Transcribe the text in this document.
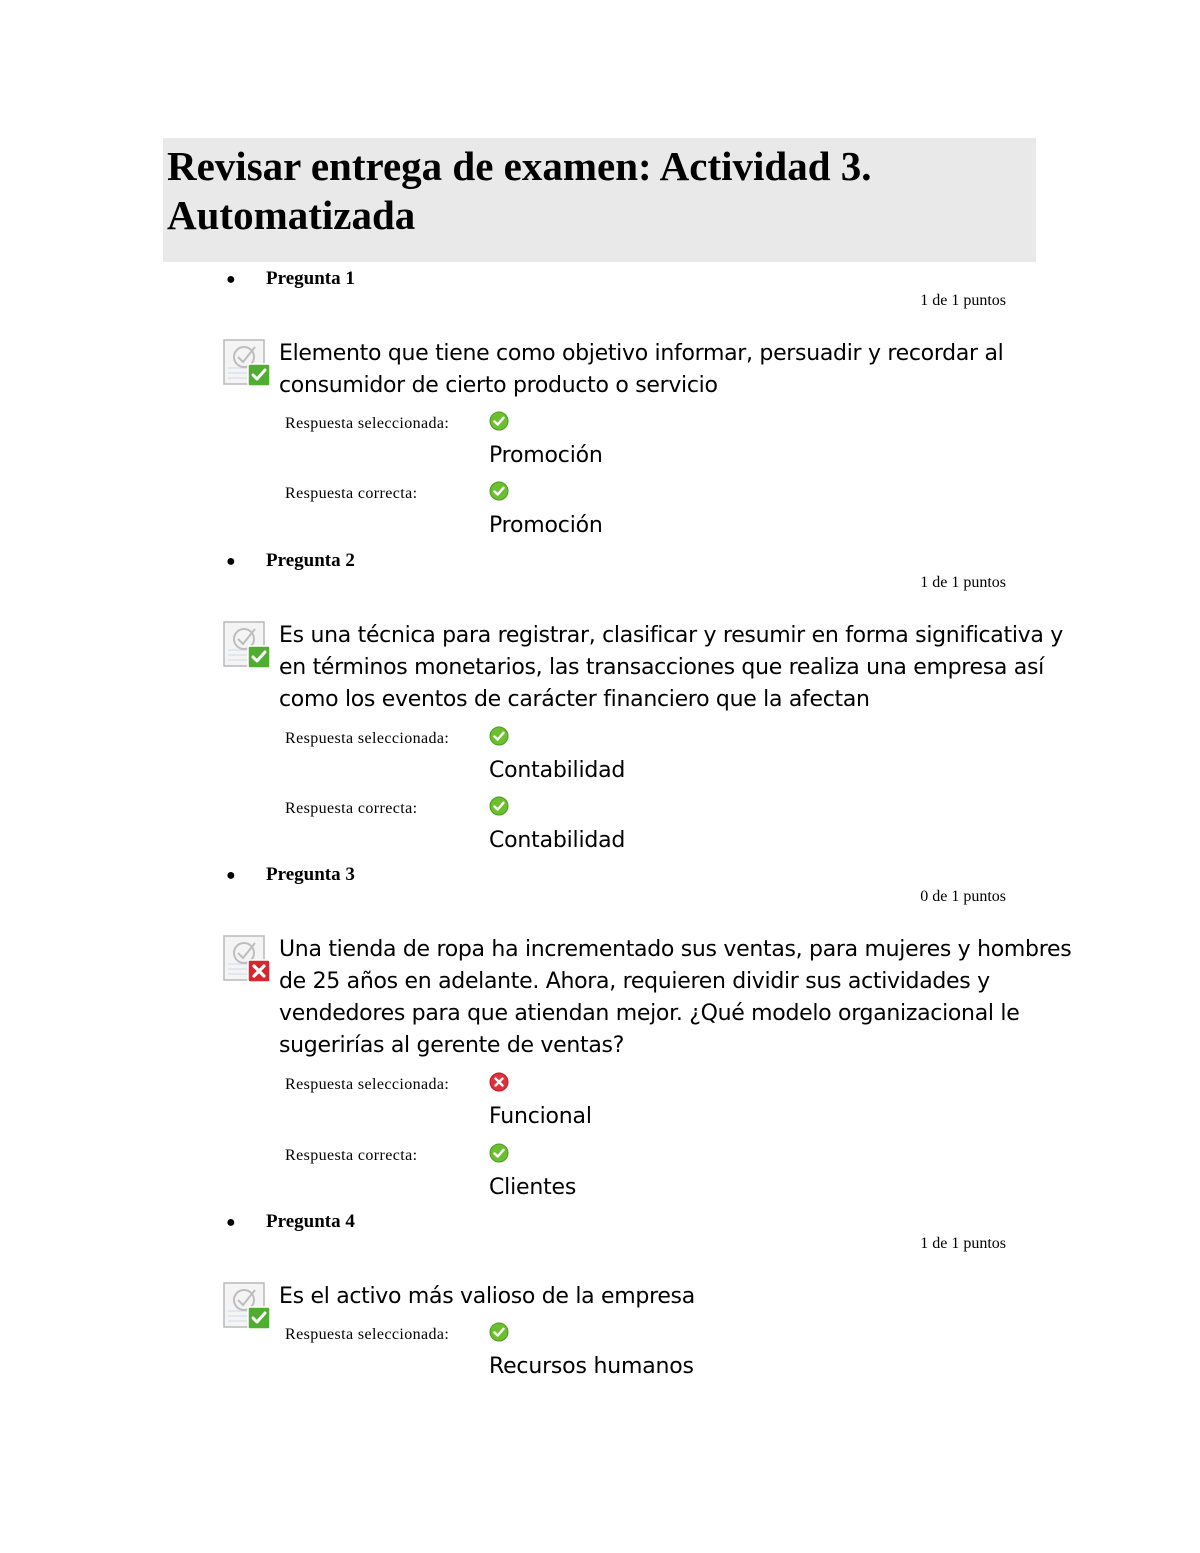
Revisar entrega de examen: Actividad 3. Automatizada
● Pregunta 1
1 de 1 puntos
Elemento que tiene como objetivo informar, persuadir y recordar al consumidor de cierto producto o servicio
Respuesta seleccionada:
Promoción
Respuesta correcta:
Promoción
● Pregunta 2
1 de 1 puntos
Es una técnica para registrar, clasificar y resumir en forma significativa y en términos monetarios, las transacciones que realiza una empresa así como los eventos de carácter financiero que la afectan
Respuesta seleccionada:
Contabilidad
Respuesta correcta:
Contabilidad
● Pregunta 3
0 de 1 puntos
Una tienda de ropa ha incrementado sus ventas, para mujeres y hombres de 25 años en adelante. Ahora, requieren dividir sus actividades y vendedores para que atiendan mejor. ¿Qué modelo organizacional le sugerirías al gerente de ventas?
Respuesta seleccionada:
Funcional
Respuesta correcta:
Clientes
● Pregunta 4
1 de 1 puntos
Es el activo más valioso de la empresa
Respuesta seleccionada:
Recursos humanos
